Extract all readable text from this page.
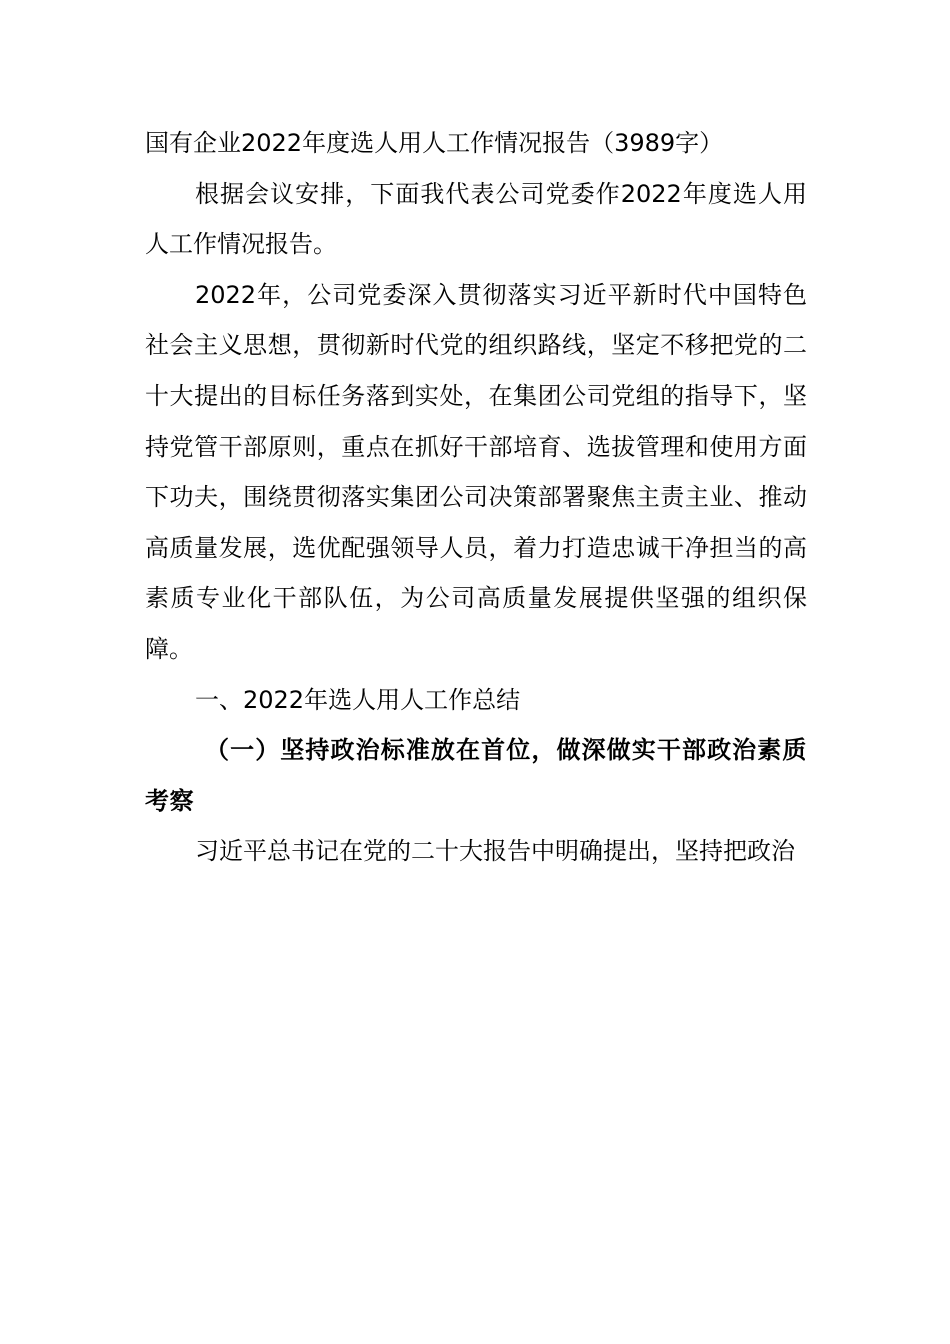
国有企业2022年度选人用人工作情况报告（3989字）

根据会议安排，下面我代表公司党委作2022年度选人用人工作情况报告。

2022年，公司党委深入贯彻落实习近平新时代中国特色社会主义思想，贯彻新时代党的组织路线，坚定不移把党的二十大提出的目标任务落到实处，在集团公司党组的指导下，坚持党管干部原则，重点在抓好干部培育、选拔管理和使用方面下功夫，围绕贯彻落实集团公司决策部署聚焦主责主业、推动高质量发展，选优配强领导人员，着力打造忠诚干净担当的高素质专业化干部队伍，为公司高质量发展提供坚强的组织保障。

一、2022年选人用人工作总结

（一）坚持政治标准放在首位，做深做实干部政治素质考察

习近平总书记在党的二十大报告中明确提出，坚持把政治
